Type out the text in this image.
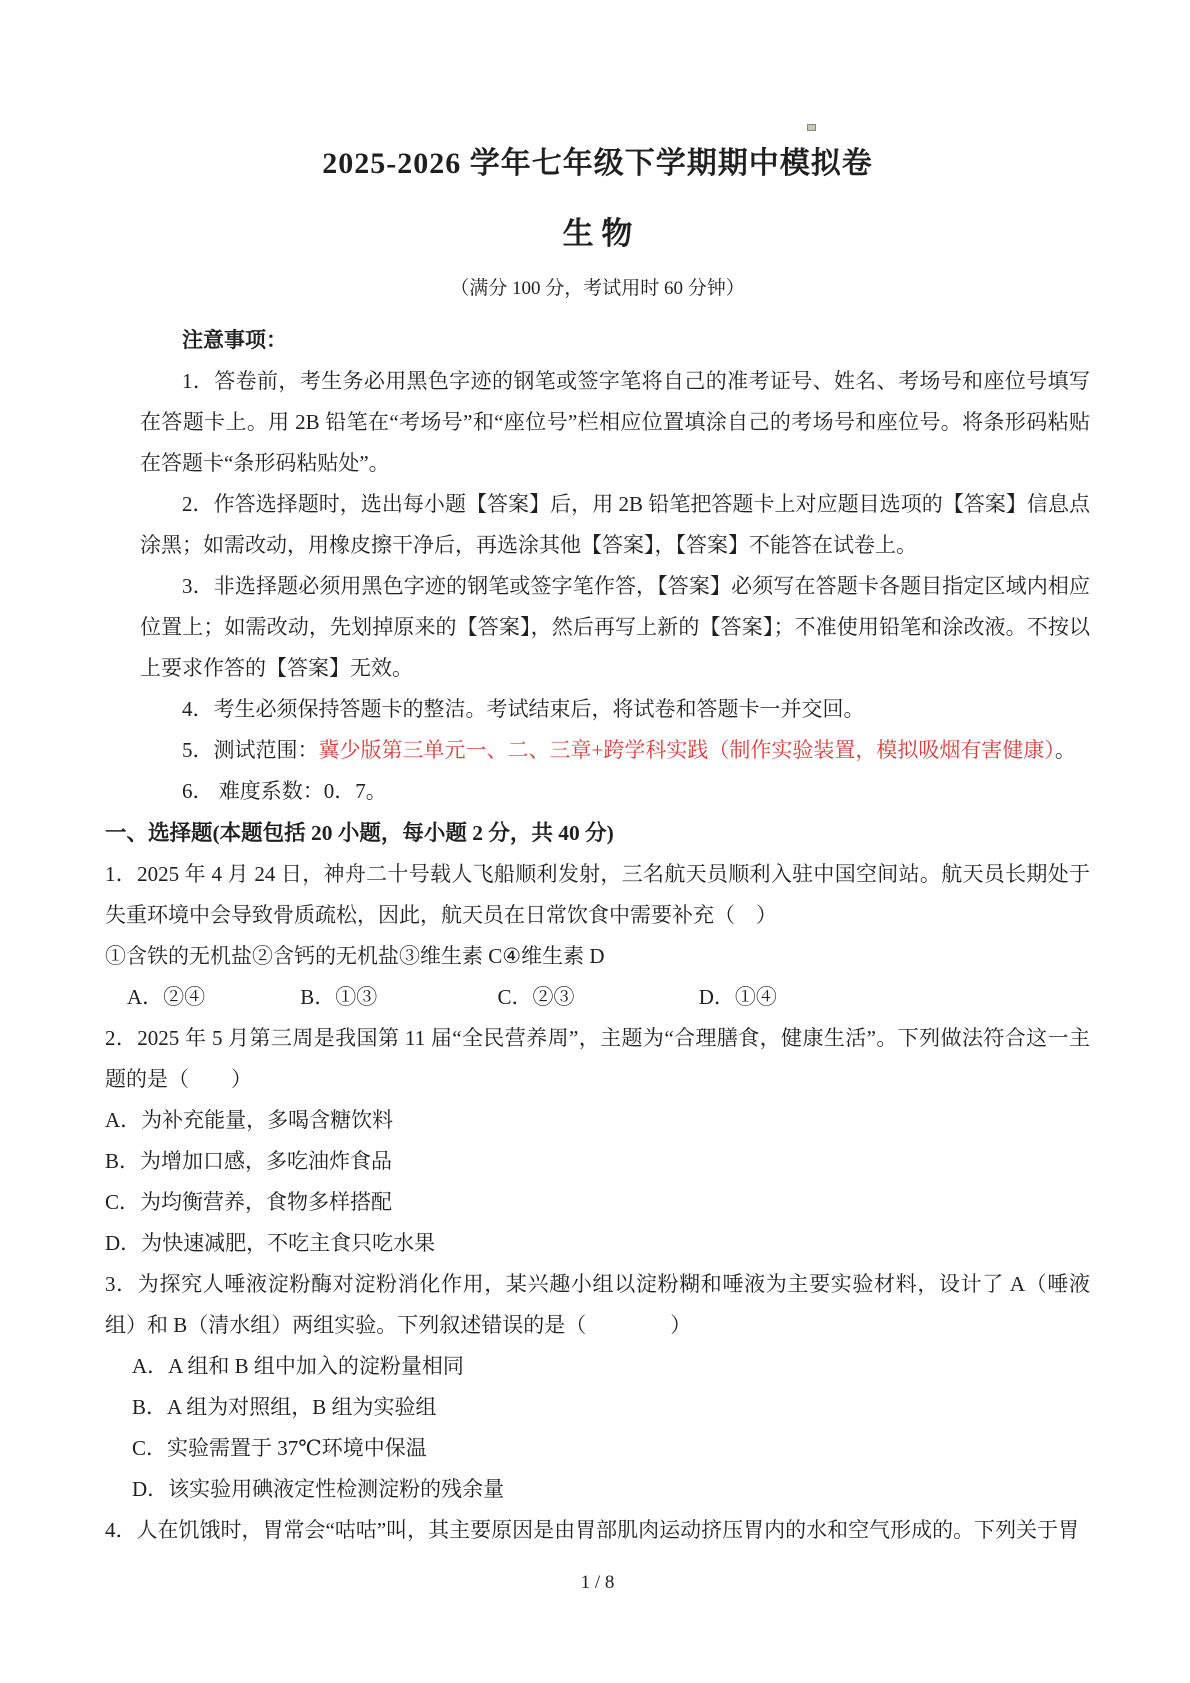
2025-2026 学年七年级下学期期中模拟卷
生 物
（满分 100 分，考试用时 60 分钟）

注意事项：

1．答卷前，考生务必用黑色字迹的钢笔或签字笔将自己的准考证号、姓名、考场号和座位号填写在答题卡上。用 2B 铅笔在“考场号”和“座位号”栏相应位置填涂自己的考场号和座位号。将条形码粘贴在答题卡“条形码粘贴处”。

2．作答选择题时，选出每小题【答案】后，用 2B 铅笔把答题卡上对应题目选项的【答案】信息点涂黑；如需改动，用橡皮擦干净后，再选涂其他【答案】，【答案】不能答在试卷上。

3．非选择题必须用黑色字迹的钢笔或签字笔作答，【答案】必须写在答题卡各题目指定区域内相应位置上；如需改动，先划掉原来的【答案】，然后再写上新的【答案】；不准使用铅笔和涂改液。不按以上要求作答的【答案】无效。

4．考生必须保持答题卡的整洁。考试结束后，将试卷和答题卡一并交回。

5．测试范围：冀少版第三单元一、二、三章+跨学科实践（制作实验装置，模拟吸烟有害健康）。

6． 难度系数：0．7。

一、选择题(本题包括 20 小题，每小题 2 分，共 40 分)

1．2025 年 4 月 24 日，神舟二十号载人飞船顺利发射，三名航天员顺利入驻中国空间站。航天员长期处于失重环境中会导致骨质疏松，因此，航天员在日常饮食中需要补充（　）

①含铁的无机盐②含钙的无机盐③维生素 C④维生素 D

A．②④	B．①③	C．②③	D．①④

2．2025 年 5 月第三周是我国第 11 届“全民营养周”，主题为“合理膳食，健康生活”。下列做法符合这一主题的是（　　）

A．为补充能量，多喝含糖饮料

B．为增加口感，多吃油炸食品

C．为均衡营养，食物多样搭配

D．为快速减肥，不吃主食只吃水果

3．为探究人唾液淀粉酶对淀粉消化作用，某兴趣小组以淀粉糊和唾液为主要实验材料，设计了 A（唾液组）和 B（清水组）两组实验。下列叙述错误的是（　　　　）

A．A 组和 B 组中加入的淀粉量相同

B．A 组为对照组，B 组为实验组

C．实验需置于 37℃环境中保温

D．该实验用碘液定性检测淀粉的残余量

4．人在饥饿时，胃常会“咕咕”叫，其主要原因是由胃部肌肉运动挤压胃内的水和空气形成的。下列关于胃

1 / 8
